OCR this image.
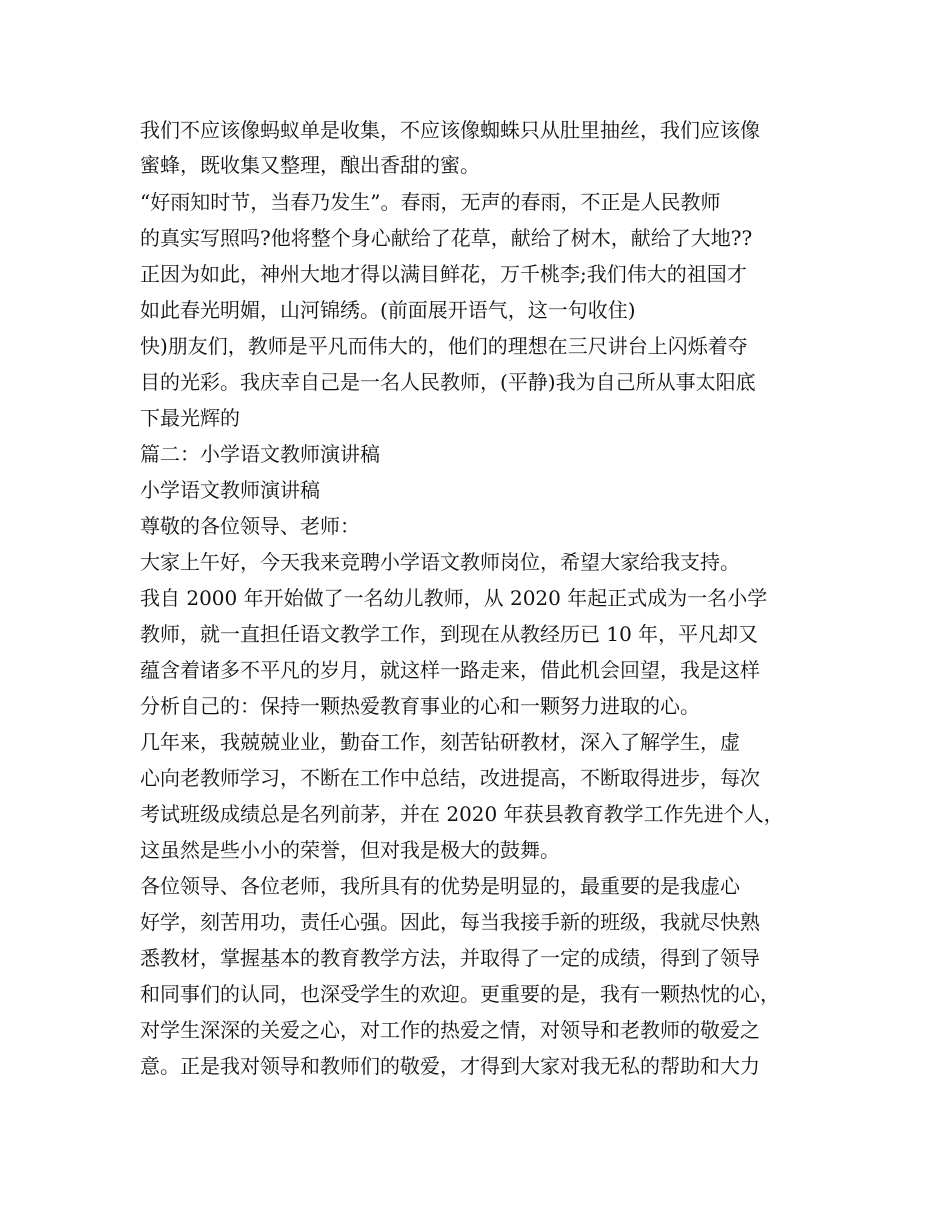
我们不应该像蚂蚁单是收集，不应该像蜘蛛只从肚里抽丝，我们应该像
蜜蜂，既收集又整理，酿出香甜的蜜。
“好雨知时节，当春乃发生”。春雨，无声的春雨，不正是人民教师
的真实写照吗?他将整个身心献给了花草，献给了树木，献给了大地??
正因为如此，神州大地才得以满目鲜花，万千桃李;我们伟大的祖国才
如此春光明媚，山河锦绣。(前面展开语气，这一句收住)
快)朋友们，教师是平凡而伟大的，他们的理想在三尺讲台上闪烁着夺
目的光彩。我庆幸自己是一名人民教师，(平静)我为自己所从事太阳底
下最光辉的
篇二：小学语文教师演讲稿
小学语文教师演讲稿
尊敬的各位领导、老师：
大家上午好，今天我来竞聘小学语文教师岗位，希望大家给我支持。
我自 2000 年开始做了一名幼儿教师，从 2020 年起正式成为一名小学
教师，就一直担任语文教学工作，到现在从教经历已 10 年，平凡却又
蕴含着诸多不平凡的岁月，就这样一路走来，借此机会回望，我是这样
分析自己的：保持一颗热爱教育事业的心和一颗努力进取的心。
几年来，我兢兢业业，勤奋工作，刻苦钻研教材，深入了解学生，虚
心向老教师学习，不断在工作中总结，改进提高，不断取得进步，每次
考试班级成绩总是名列前茅，并在 2020 年获县教育教学工作先进个人，
这虽然是些小小的荣誉，但对我是极大的鼓舞。
各位领导、各位老师，我所具有的优势是明显的，最重要的是我虚心
好学，刻苦用功，责任心强。因此，每当我接手新的班级，我就尽快熟
悉教材，掌握基本的教育教学方法，并取得了一定的成绩，得到了领导
和同事们的认同，也深受学生的欢迎。更重要的是，我有一颗热忱的心，
对学生深深的关爱之心，对工作的热爱之情，对领导和老教师的敬爱之
意。正是我对领导和教师们的敬爱，才得到大家对我无私的帮助和大力
